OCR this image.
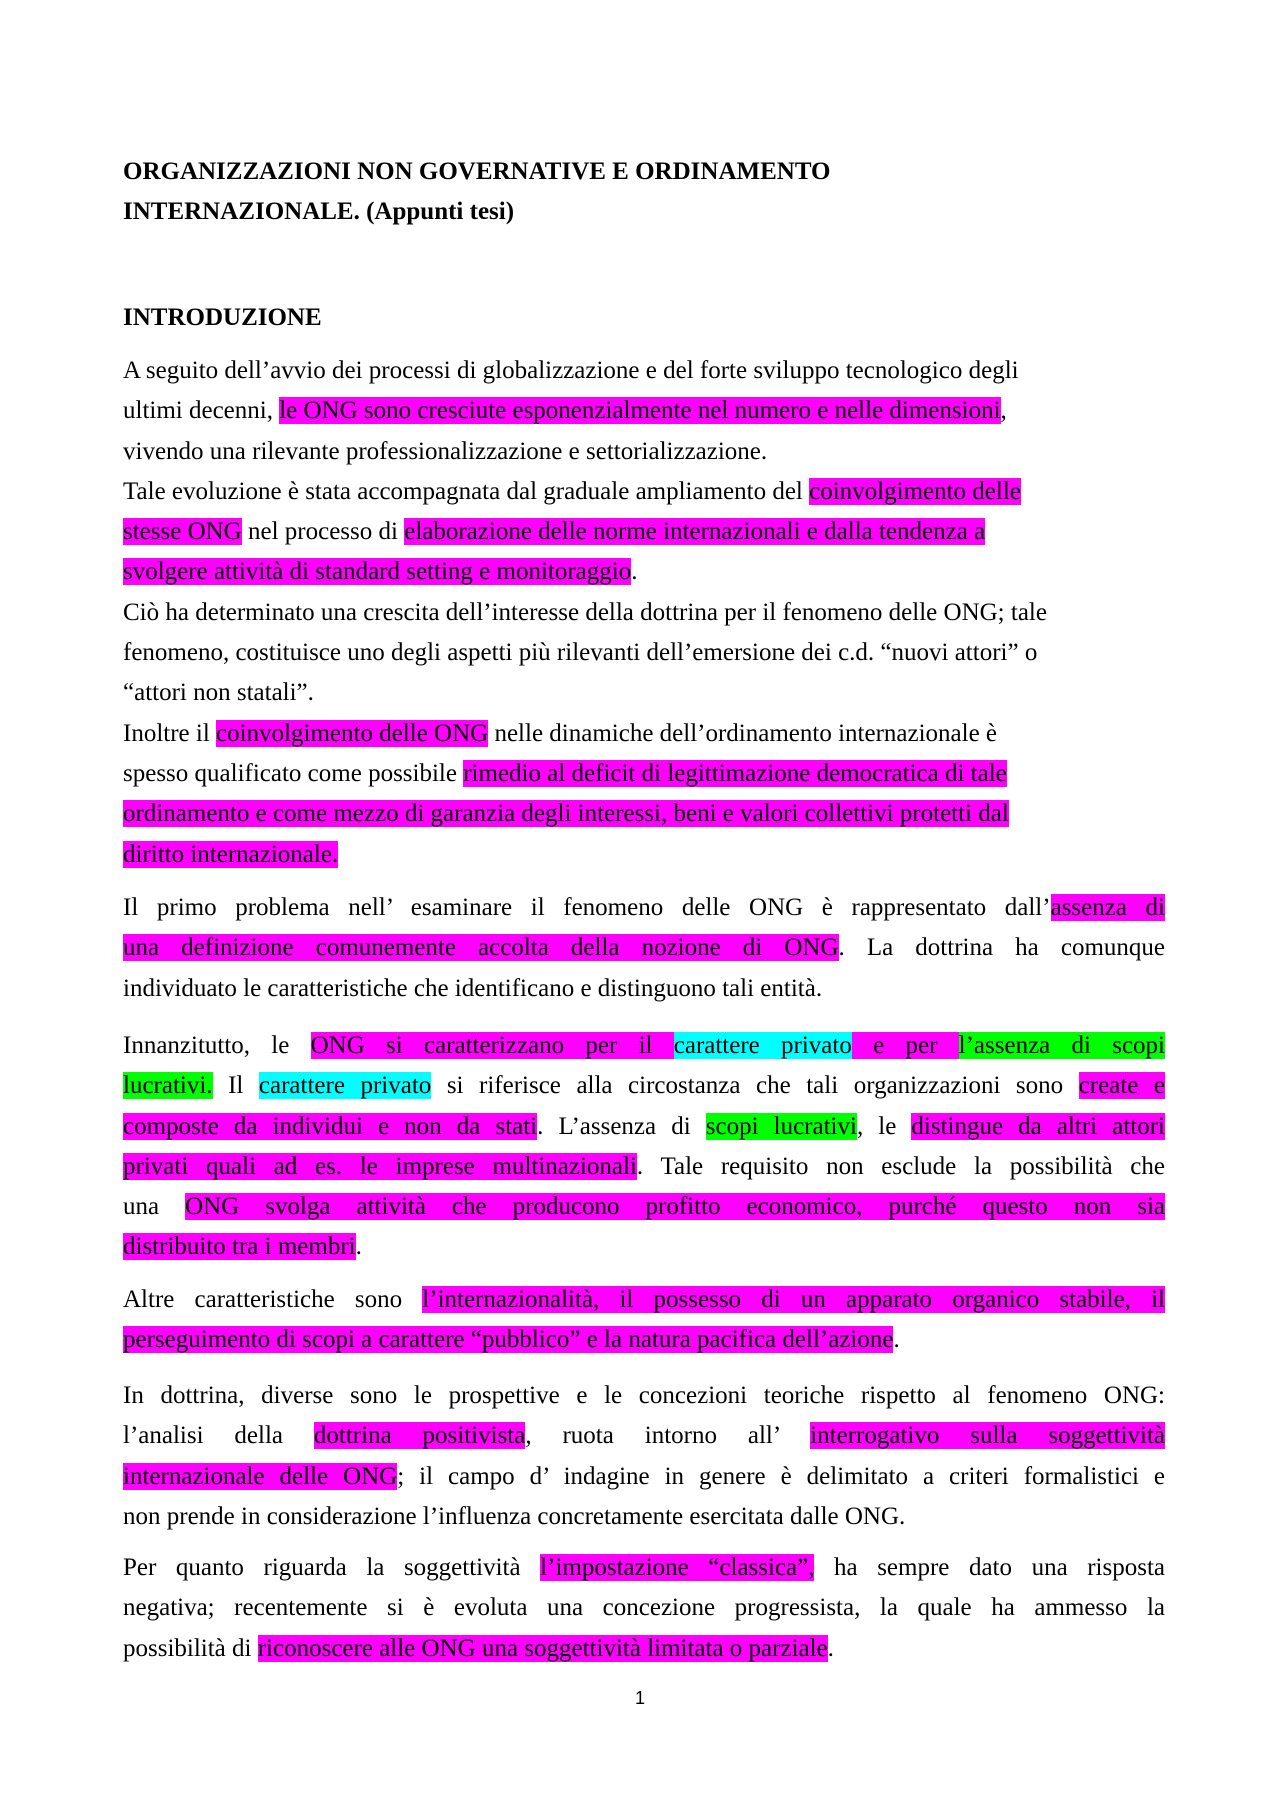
ORGANIZZAZIONI NON GOVERNATIVE E ORDINAMENTO
INTERNAZIONALE. (Appunti tesi)
INTRODUZIONE
A seguito dell’avvio dei processi di globalizzazione e del forte sviluppo tecnologico degli
ultimi decenni, le ONG sono cresciute esponenzialmente nel numero e nelle dimensioni,
vivendo una rilevante professionalizzazione e settorializzazione.
Tale evoluzione è stata accompagnata dal graduale ampliamento del coinvolgimento delle
stesse ONG nel processo di elaborazione delle norme internazionali e dalla tendenza a
svolgere attività di standard setting e monitoraggio.
Ciò ha determinato una crescita dell’interesse della dottrina per il fenomeno delle ONG; tale
fenomeno, costituisce uno degli aspetti più rilevanti dell’emersione dei c.d. “nuovi attori” o
“attori non statali”.
Inoltre il coinvolgimento delle ONG nelle dinamiche dell’ordinamento internazionale è
spesso qualificato come possibile rimedio al deficit di legittimazione democratica di tale
ordinamento e come mezzo di garanzia degli interessi, beni e valori collettivi protetti dal
diritto internazionale.
Il primo problema nell’ esaminare il fenomeno delle ONG è rappresentato dall’assenza di
una definizione comunemente accolta della nozione di ONG. La dottrina ha comunque
individuato le caratteristiche che identificano e distinguono tali entità.
Innanzitutto, le ONG si caratterizzano per il carattere privato e per l’assenza di scopi
lucrativi. Il carattere privato si riferisce alla circostanza che tali organizzazioni sono create e
composte da individui e non da stati. L’assenza di scopi lucrativi, le distingue da altri attori
privati quali ad es. le imprese multinazionali. Tale requisito non esclude la possibilità che
una ONG svolga attività che producono profitto economico, purché questo non sia
distribuito tra i membri.
Altre caratteristiche sono l’internazionalità, il possesso di un apparato organico stabile, il
perseguimento di scopi a carattere “pubblico” e la natura pacifica dell’azione.
In dottrina, diverse sono le prospettive e le concezioni teoriche rispetto al fenomeno ONG:
l’analisi della dottrina positivista, ruota intorno all’ interrogativo sulla soggettività
internazionale delle ONG; il campo d’ indagine in genere è delimitato a criteri formalistici e
non prende in considerazione l’influenza concretamente esercitata dalle ONG.
Per quanto riguarda la soggettività l’impostazione “classica”, ha sempre dato una risposta
negativa; recentemente si è evoluta una concezione progressista, la quale ha ammesso la
possibilità di riconoscere alle ONG una soggettività limitata o parziale.
1
